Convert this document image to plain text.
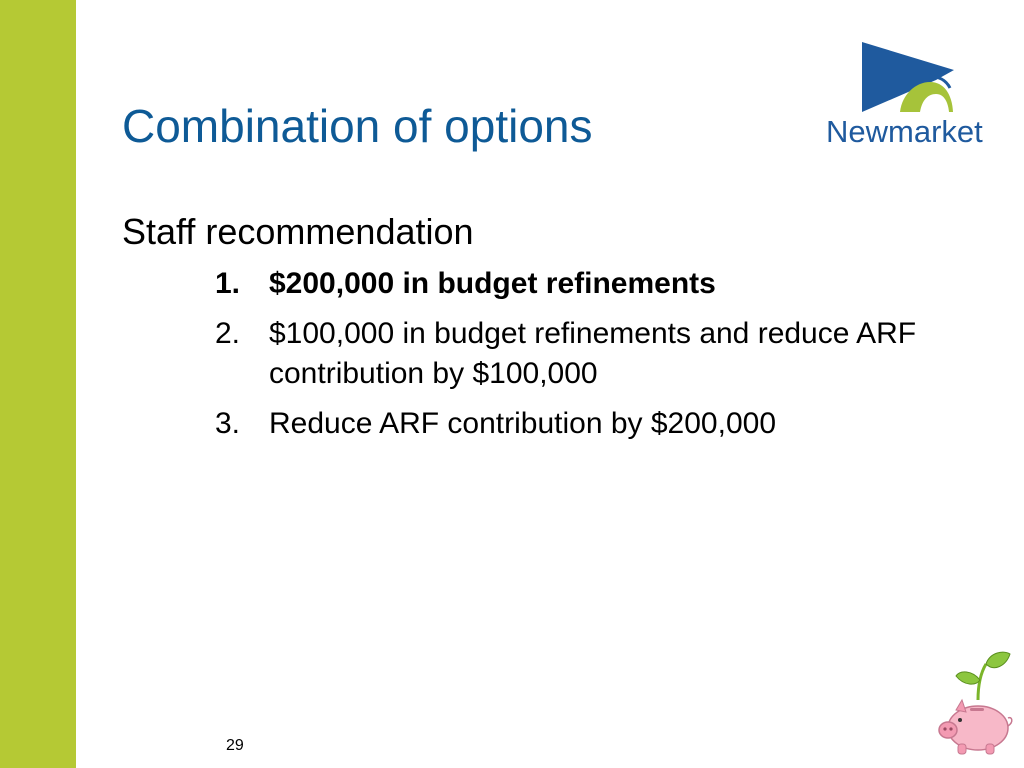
Combination of options	Newmarket
Staff recommendation
1. $200,000 in budget refinements
2. $100,000 in budget refinements and reduce ARF contribution by $100,000
3. Reduce ARF contribution by $200,000
29
